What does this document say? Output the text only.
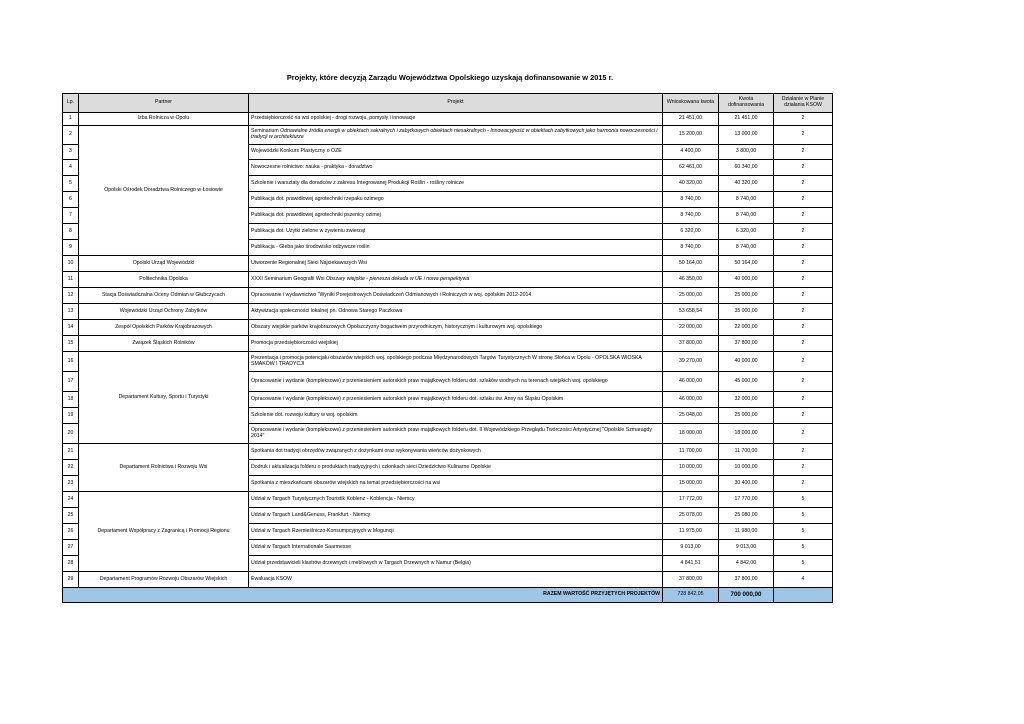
Projekty, które decyzją Zarządu Województwa Opolskiego uzyskają dofinansowanie w 2015 r.
Lp.	Partner	Projekt	Wnioskowana kwota	Kwota dofinansowania	Działanie w Planie działania KSOW
1	Izba Rolnicza w Opolu	Przedsiębiorczość na wsi opolskiej - drogi rozwoju, pomysły i innowacje	21 451,00	21 451,00	2
2	Opolski Ośrodek Doradztwa Rolniczego w Łosiowie	Seminarium Odnawialne źródła energii w obiektach sakralnych i zabytkowych obiektach niesakralnych - Innowacyjność w obiektach zabytkowych jako harmonia nowoczesności i tradycji w architekturze	15 200,00	13 000,00	2
3		Wojewódzki Konkurs Plastyczny o OZE	4 400,00	3 800,00	2
4		Nowoczesne rolnictwo: nauka - praktyka - doradztwo	62 461,00	60 340,00	2
5		Szkolenie i warsztaty dla doradców z zakresu Integrowanej Produkcji Roślin - rośliny rolnicze	40 320,00	40 320,00	2
6		Publikacja dot. prawidłowej agrotechniki rzepaku ozimego	8 740,00	8 740,00	2
7		Publikacja dot. prawidłowej agrotechniki pszenicy ozimej	8 740,00	8 740,00	2
8		Publikacja dot. Użytki zielone w żywieniu zwierząt	6 320,00	6 320,00	2
9		Publikacja - Gleba jako środowisko odżywcze roślin	8 740,00	8 740,00	2
10	Opolski Urząd Wojewódzki	Utworzenie Regionalnej Sieci Najciekawszych Wsi	50 164,00	50 164,00	2
11	Politechnika Opolska	XXXI Seminarium Geografii Wsi Obszary wiejskie - pierwsza dekada w UE i nowa perspektywa	46 350,00	40 000,00	2
12	Stacja Doświadczalna Oceny Odmian w Głubczycach	Opracowanie i wydawnictwo "Wyniki Porejestrowych Doświadczeń Odmianowych i Rolniczych w woj. opolskim 2012-2014	25 000,00	25 000,00	2
13	Wojewódzki Urząd Ochrony Zabytków	Aktywizacja społeczności lokalnej pn. Odnowa Starego Paczkowa	53 658,54	35 000,00	2
14	Zespół Opolskich Parków Krajobrazowych	Obszary wiejskie parków krajobrazowych Opolszczyzny bogactwem przyrodniczym, historycznym i kulturowym woj. opolskiego	22 000,00	22 000,00	2
15	Związek Śląskich Rolników	Promocja przedsiębiorczości wiejskiej	37 800,00	37 800,00	2
16	Departament Kultury, Sportu i Turystyki	Prezentacja i promocja potencjału obszarów wiejskich woj. opolskiego podczas Międzynarodowych Targów Turystycznych W stronę Słońca w Opolu - OPOLSKA WIOSKA SMAKÓW I TRADYCJI	39 270,00	40 000,00	2
17		Opracowanie i wydanie (kompleksowe) z przeniesieniem autorskich praw majątkowych folderu dot. szlaków wodnych na terenach wiejskich woj. opolskiego	46 000,00	45 000,00	2
18		Opracowanie i wydanie (kompleksowe) z przeniesieniem autorskich praw majątkowych folderu dot. szlaku św. Anny na Śląsku Opolskim	46 000,00	32 000,00	2
19		Szkolenie dot. rozwoju kultury w woj. opolskim	25 048,00	25 000,00	2
20		Opracowanie i wydanie (kompleksowe) z przeniesieniem autorskich praw majątkowych folderu dot. II Wojewódzkiego Przeglądu Twórczości Artystycznej "Opolskie Szmaragdy 2014"	18 000,00	18 000,00	2
21	Departament Rolnictwa i Rozwoju Wsi	Spotkania dot tradycji obrzędów związanych z dożynkami oraz wykonywania wieńców dożynkowych	11 700,00	11 700,00	2
22		Dodruk i aktualizacja folderu o produktach tradycyjnych i członkach sieci Dziedzictwo Kulinarne Opolskie	10 000,00	10 000,00	2
23		Spotkania z mieszkańcami obszarów wiejskich na temat przedsiębiorczości na wsi	15 000,00	30 400,00	2
24	Departament Współpracy z Zagranicą i Promocji Regionu	Udział w Targach Turystycznych Touristik Koblenz - Koblencja - Niemcy	17 772,00	17 770,00	5
25		Udział w Targach Land&Genuss, Frankfurt - Niemcy	25 078,00	25 080,00	5
26		Udział w Targach Rzemieślniczo-Konsumpcyjnych w Moguncji	11 975,00	11 980,00	5
27		Udział w Targach Internationale Saarmesse	9 013,00	9 013,00	5
28		Udział przedstawicieli klastrów drzewnych i meblowych w Targach Drzewnych w Namur (Belgia)	4 841,51	4 842,00	5
29	Departament Programów Rozwoju Obszarów Wiejskich	Ewaluacja KSOW	37 800,00	37 800,00	4

RAZEM WARTOŚĆ PRZYJĘTYCH PROJEKTÓW			728 842,05	700 000,00	
